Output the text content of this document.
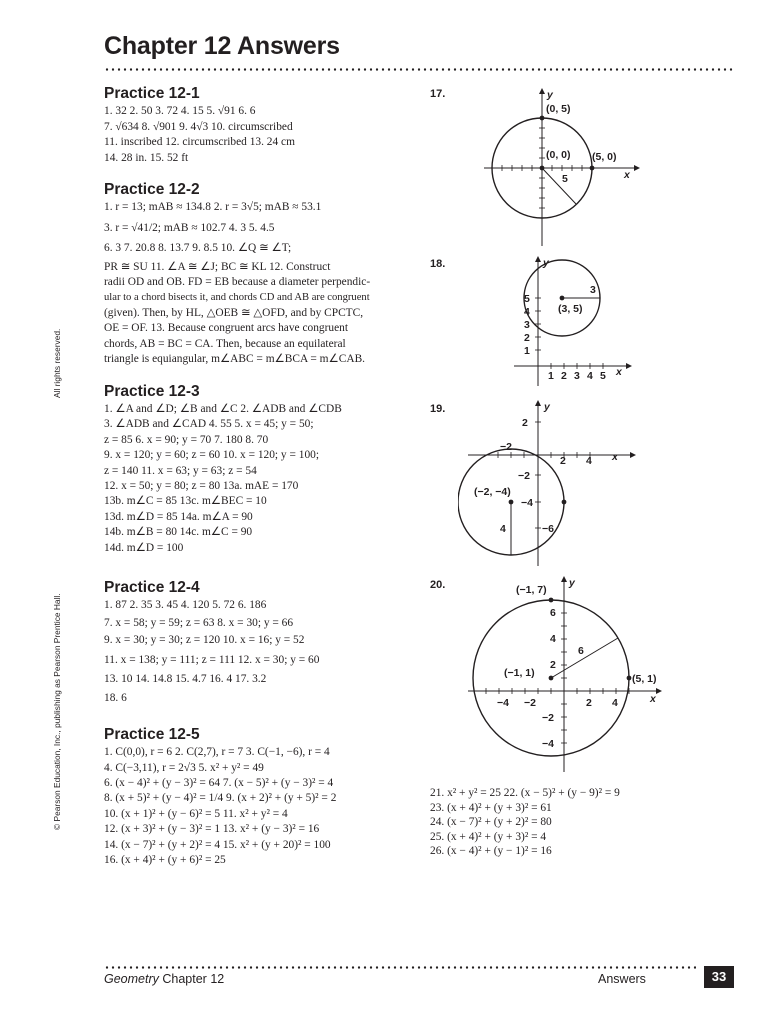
Chapter 12 Answers
Practice 12-1
1. 32 2. 50 3. 72 4. 15 5. √91 6. 6
7. √634 8. √901 9. 4√3 10. circumscribed
11. inscribed 12. circumscribed 13. 24 cm
14. 28 in. 15. 52 ft
Practice 12-2
1. r = 13; mAB ≈ 134.8 2. r = 3√5; mAB ≈ 53.1
3. r = √41/2; mAB ≈ 102.7 4. 3 5. 4.5
6. 3 7. 20.8 8. 13.7 9. 8.5 10. ∠Q ≅ ∠T;
PR ≅ SU 11. ∠A ≅ ∠J; BC ≅ KL 12. Construct
radii OD and OB. FD = EB because a diameter perpendic-
ular to a chord bisects it, and chords CD and AB are congruent
(given). Then, by HL, △OEB ≅ △OFD, and by CPCTC,
OE = OF. 13. Because congruent arcs have congruent
chords, AB = BC = CA. Then, because an equilateral
triangle is equiangular, m∠ABC = m∠BCA = m∠CAB.
Practice 12-3
1. ∠A and ∠D; ∠B and ∠C 2. ∠ADB and ∠CDB
3. ∠ADB and ∠CAD 4. 55 5. x = 45; y = 50;
z = 85 6. x = 90; y = 70 7. 180 8. 70
9. x = 120; y = 60; z = 60 10. x = 120; y = 100;
z = 140 11. x = 63; y = 63; z = 54
12. x = 50; y = 80; z = 80 13a. mAE = 170
13b. m∠C = 85 13c. m∠BEC = 10
13d. m∠D = 85 14a. m∠A = 90
14b. m∠B = 80 14c. m∠C = 90
14d. m∠D = 100
Practice 12-4
1. 87 2. 35 3. 45 4. 120 5. 72 6. 186
7. x = 58; y = 59; z = 63 8. x = 30; y = 66
9. x = 30; y = 30; z = 120 10. x = 16; y = 52
11. x = 138; y = 111; z = 111 12. x = 30; y = 60
13. 10 14. 14.8 15. 4.7 16. 4 17. 3.2
18. 6
Practice 12-5
1. C(0,0), r = 6 2. C(2,7), r = 7 3. C(−1, −6), r = 4
4. C(−3,11), r = 2√3 5. x² + y² = 49
6. (x − 4)² + (y − 3)² = 64 7. (x − 5)² + (y − 3)² = 4
8. (x + 5)² + (y − 4)² = 1/4 9. (x + 2)² + (y + 5)² = 2
10. (x + 1)² + (y − 6)² = 5 11. x² + y² = 4
12. (x + 3)² + (y − 3)² = 1 13. x² + (y − 3)² = 16
14. (x − 7)² + (y + 2)² = 4 15. x² + (y + 20)² = 100
16. (x + 4)² + (y + 6)² = 25
© Pearson Education, Inc., publishing as Pearson Prentice Hall.
All rights reserved.
17.
(0, 5)
(0, 0) (5, 0)
5	x
y
18.
5
4
3
2
1
1 2 3 4 5
(3, 5)
3
x
y
19.
2
−2
2 4
−2
(−2, −4)
−4
4	−6
x
y
20.	(−1, 7)
6
4
2
6
(−1, 1)	(5, 1)
−4 −2	2 4
−2
−4
x
y
21. x² + y² = 25 22. (x − 5)² + (y − 9)² = 9
23. (x + 4)² + (y + 3)² = 61
24. (x − 7)² + (y + 2)² = 80
25. (x + 4)² + (y + 3)² = 4
26. (x − 4)² + (y − 1)² = 16
Geometry Chapter 12	Answers	33
